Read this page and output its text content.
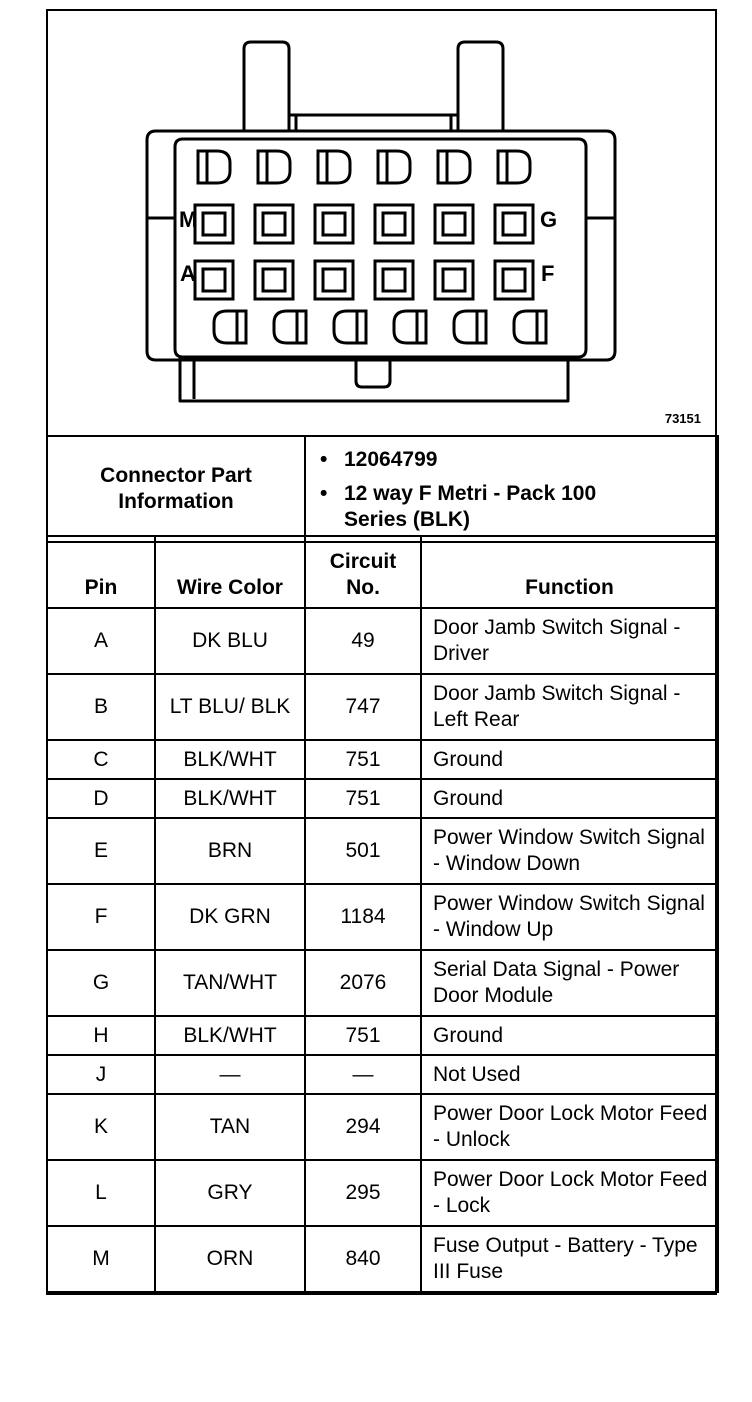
M	G
A	F
73151
Connector Part Information	
• 12064799
• 12 way F Metri - Pack 100 Series (BLK)
Pin	Wire Color	Circuit No.	Function
A	DK BLU	49	Door Jamb Switch Signal - Driver
B	LT BLU/ BLK	747	Door Jamb Switch Signal - Left Rear
C	BLK/WHT	751	Ground
D	BLK/WHT	751	Ground
E	BRN	501	Power Window Switch Signal - Window Down
F	DK GRN	1184	Power Window Switch Signal - Window Up
G	TAN/WHT	2076	Serial Data Signal - Power Door Module
H	BLK/WHT	751	Ground
J	—	—	Not Used
K	TAN	294	Power Door Lock Motor Feed - Unlock
L	GRY	295	Power Door Lock Motor Feed - Lock
M	ORN	840	Fuse Output - Battery - Type III Fuse
